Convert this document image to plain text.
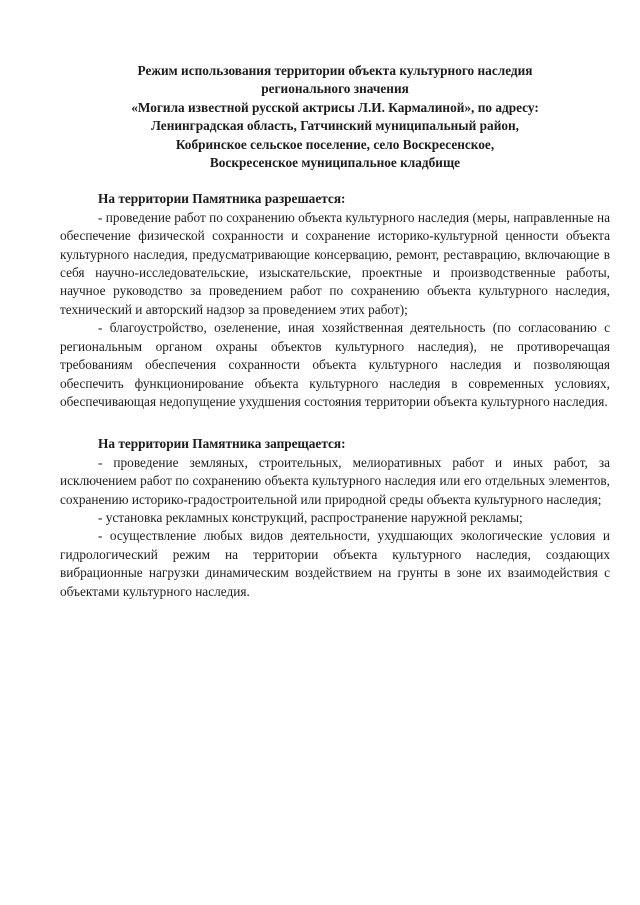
Режим использования территории объекта культурного наследия
регионального значения
«Могила известной русской актрисы Л.И. Кармалиной», по адресу:
Ленинградская область, Гатчинский муниципальный район,
Кобринское сельское поселение, село Воскресенское,
Воскресенское муниципальное кладбище

На территории Памятника разрешается:

- проведение работ по сохранению объекта культурного наследия (меры, направленные на обеспечение физической сохранности и сохранение историко-культурной ценности объекта культурного наследия, предусматривающие консервацию, ремонт, реставрацию, включающие в себя научно-исследовательские, изыскательские, проектные и производственные работы, научное руководство за проведением работ по сохранению объекта культурного наследия, технический и авторский надзор за проведением этих работ);

- благоустройство, озеленение, иная хозяйственная деятельность (по согласованию с региональным органом охраны объектов культурного наследия), не противоречащая требованиям обеспечения сохранности объекта культурного наследия и позволяющая обеспечить функционирование объекта культурного наследия в современных условиях, обеспечивающая недопущение ухудшения состояния территории объекта культурного наследия.

На территории Памятника запрещается:

- проведение земляных, строительных, мелиоративных работ и иных работ, за исключением работ по сохранению объекта культурного наследия или его отдельных элементов, сохранению историко-градостроительной или природной среды объекта культурного наследия;

- установка рекламных конструкций, распространение наружной рекламы;

- осуществление любых видов деятельности, ухудшающих экологические условия и гидрологический режим на территории объекта культурного наследия, создающих вибрационные нагрузки динамическим воздействием на грунты в зоне их взаимодействия с объектами культурного наследия.
